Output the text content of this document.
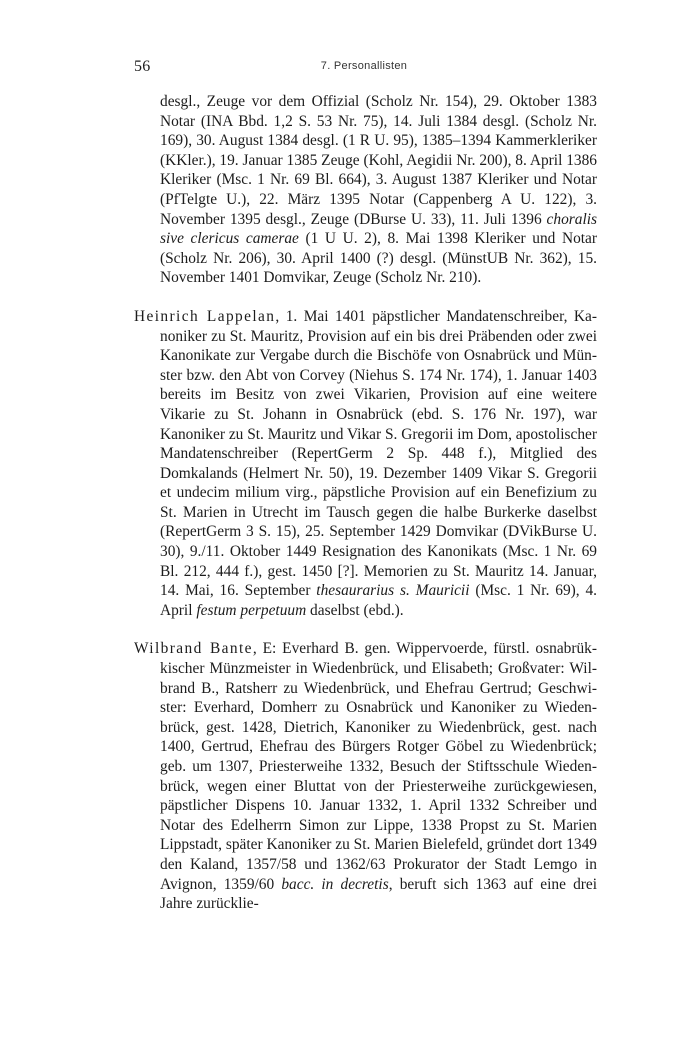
56	7. Personallisten

desgl., Zeuge vor dem Offizial (Scholz Nr. 154), 29. Oktober 1383 Notar (INA Bbd. 1,2 S. 53 Nr. 75), 14. Juli 1384 desgl. (Scholz Nr. 169), 30. August 1384 desgl. (1 R U. 95), 1385–1394 Kammerkleriker (KKler.), 19. Januar 1385 Zeuge (Kohl, Aegidii Nr. 200), 8. April 1386 Kleriker (Msc. 1 Nr. 69 Bl. 664), 3. August 1387 Kleriker und Notar (PfTelgte U.), 22. März 1395 Notar (Cappenberg A U. 122), 3. November 1395 desgl., Zeuge (DBurse U. 33), 11. Juli 1396 choralis sive clericus camerae (1 U U. 2), 8. Mai 1398 Kleriker und Notar (Scholz Nr. 206), 30. April 1400 (?) desgl. (MünstUB Nr. 362), 15. November 1401 Domvikar, Zeuge (Scholz Nr. 210).

Heinrich Lappelan, 1. Mai 1401 päpstlicher Mandatenschreiber, Kanoniker zu St. Mauritz, Provision auf ein bis drei Präbenden oder zwei Kanonikate zur Vergabe durch die Bischöfe von Osnabrück und Münster bzw. den Abt von Corvey (Niehus S. 174 Nr. 174), 1. Januar 1403 bereits im Besitz von zwei Vikarien, Provision auf eine weitere Vikarie zu St. Johann in Osnabrück (ebd. S. 176 Nr. 197), war Kanoniker zu St. Mauritz und Vikar S. Gregorii im Dom, apostolischer Mandatenschreiber (RepertGerm 2 Sp. 448 f.), Mitglied des Domkalands (Helmert Nr. 50), 19. Dezember 1409 Vikar S. Gregorii et undecim milium virg., päpstliche Provision auf ein Benefizium zu St. Marien in Utrecht im Tausch gegen die halbe Burkerke daselbst (RepertGerm 3 S. 15), 25. September 1429 Domvikar (DVikBurse U. 30), 9./11. Oktober 1449 Resignation des Kanonikats (Msc. 1 Nr. 69 Bl. 212, 444 f.), gest. 1450 [?]. Memorien zu St. Mauritz 14. Januar, 14. Mai, 16. September thesaurarius s. Mauricii (Msc. 1 Nr. 69), 4. April festum perpetuum daselbst (ebd.).

Wilbrand Bante, E: Everhard B. gen. Wippervoerde, fürstl. osnabrükkischer Münzmeister in Wiedenbrück, und Elisabeth; Großvater: Wilbrand B., Ratsherr zu Wiedenbrück, und Ehefrau Gertrud; Geschwister: Everhard, Domherr zu Osnabrück und Kanoniker zu Wiedenbrück, gest. 1428, Dietrich, Kanoniker zu Wiedenbrück, gest. nach 1400, Gertrud, Ehefrau des Bürgers Rotger Göbel zu Wiedenbrück; geb. um 1307, Priesterweihe 1332, Besuch der Stiftsschule Wiedenbrück, wegen einer Bluttat von der Priesterweihe zurückgewiesen, päpstlicher Dispens 10. Januar 1332, 1. April 1332 Schreiber und Notar des Edelherrn Simon zur Lippe, 1338 Propst zu St. Marien Lippstadt, später Kanoniker zu St. Marien Bielefeld, gründet dort 1349 den Kaland, 1357/58 und 1362/63 Prokurator der Stadt Lemgo in Avignon, 1359/60 bacc. in decretis, beruft sich 1363 auf eine drei Jahre zurücklie-
